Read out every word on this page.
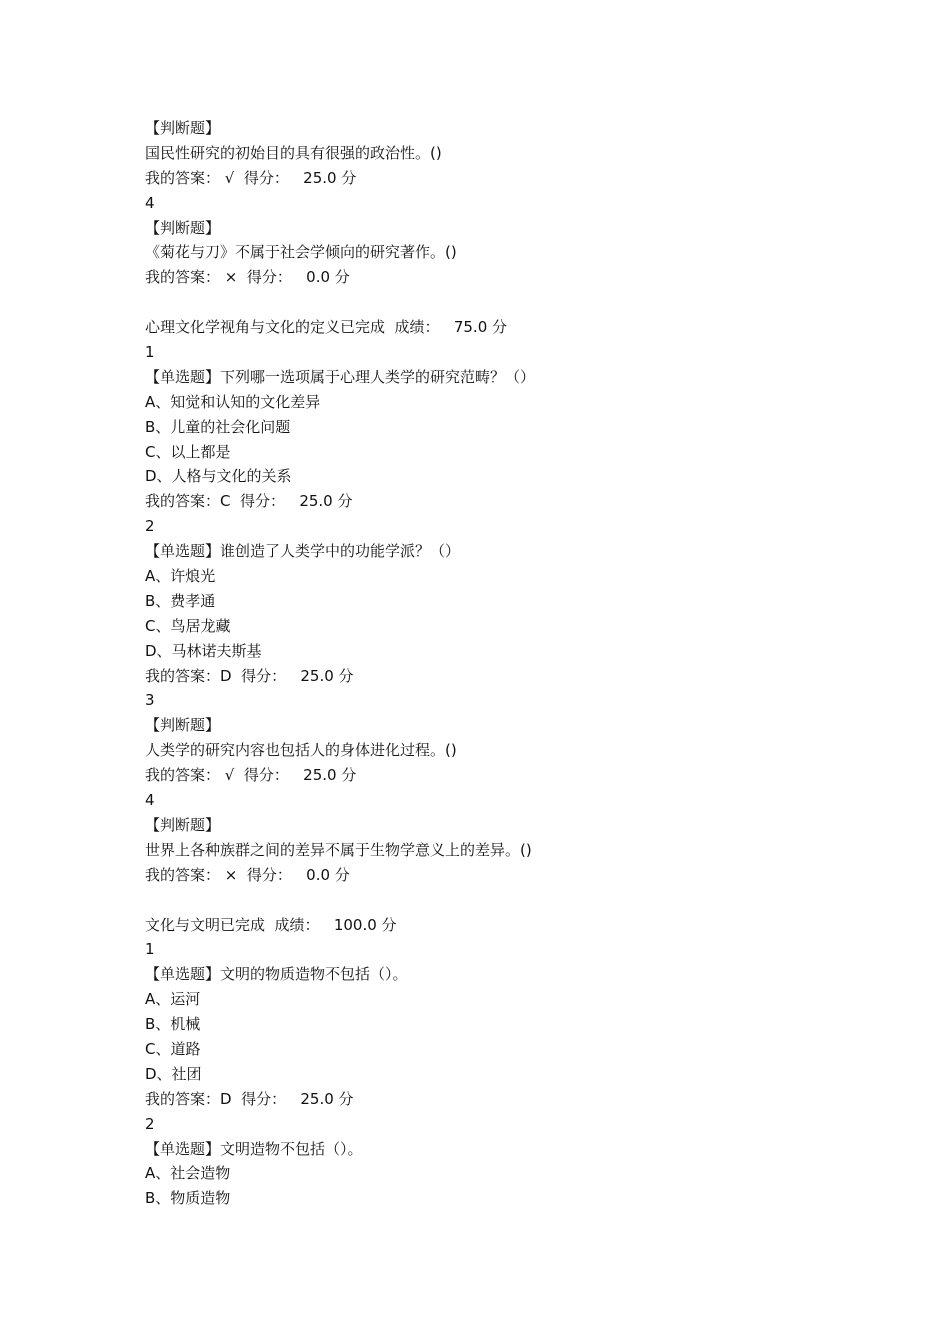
【判断题】
国民性研究的初始目的具有很强的政治性。()
我的答案： √  得分：   25.0 分
4
【判断题】
《菊花与刀》不属于社会学倾向的研究著作。()
我的答案： ×  得分：   0.0 分
心理文化学视角与文化的定义已完成  成绩：   75.0 分
1
【单选题】下列哪一选项属于心理人类学的研究范畴？（）
A、知觉和认知的文化差异
B、儿童的社会化问题
C、以上都是
D、人格与文化的关系
我的答案：C  得分：   25.0 分
2
【单选题】谁创造了人类学中的功能学派？（）
A、许烺光
B、费孝通
C、鸟居龙藏
D、马林诺夫斯基
我的答案：D  得分：   25.0 分
3
【判断题】
人类学的研究内容也包括人的身体进化过程。()
我的答案： √  得分：   25.0 分
4
【判断题】
世界上各种族群之间的差异不属于生物学意义上的差异。()
我的答案： ×  得分：   0.0 分
文化与文明已完成  成绩：   100.0 分
1
【单选题】文明的物质造物不包括（）。
A、运河
B、机械
C、道路
D、社团
我的答案：D  得分：   25.0 分
2
【单选题】文明造物不包括（）。
A、社会造物
B、物质造物
